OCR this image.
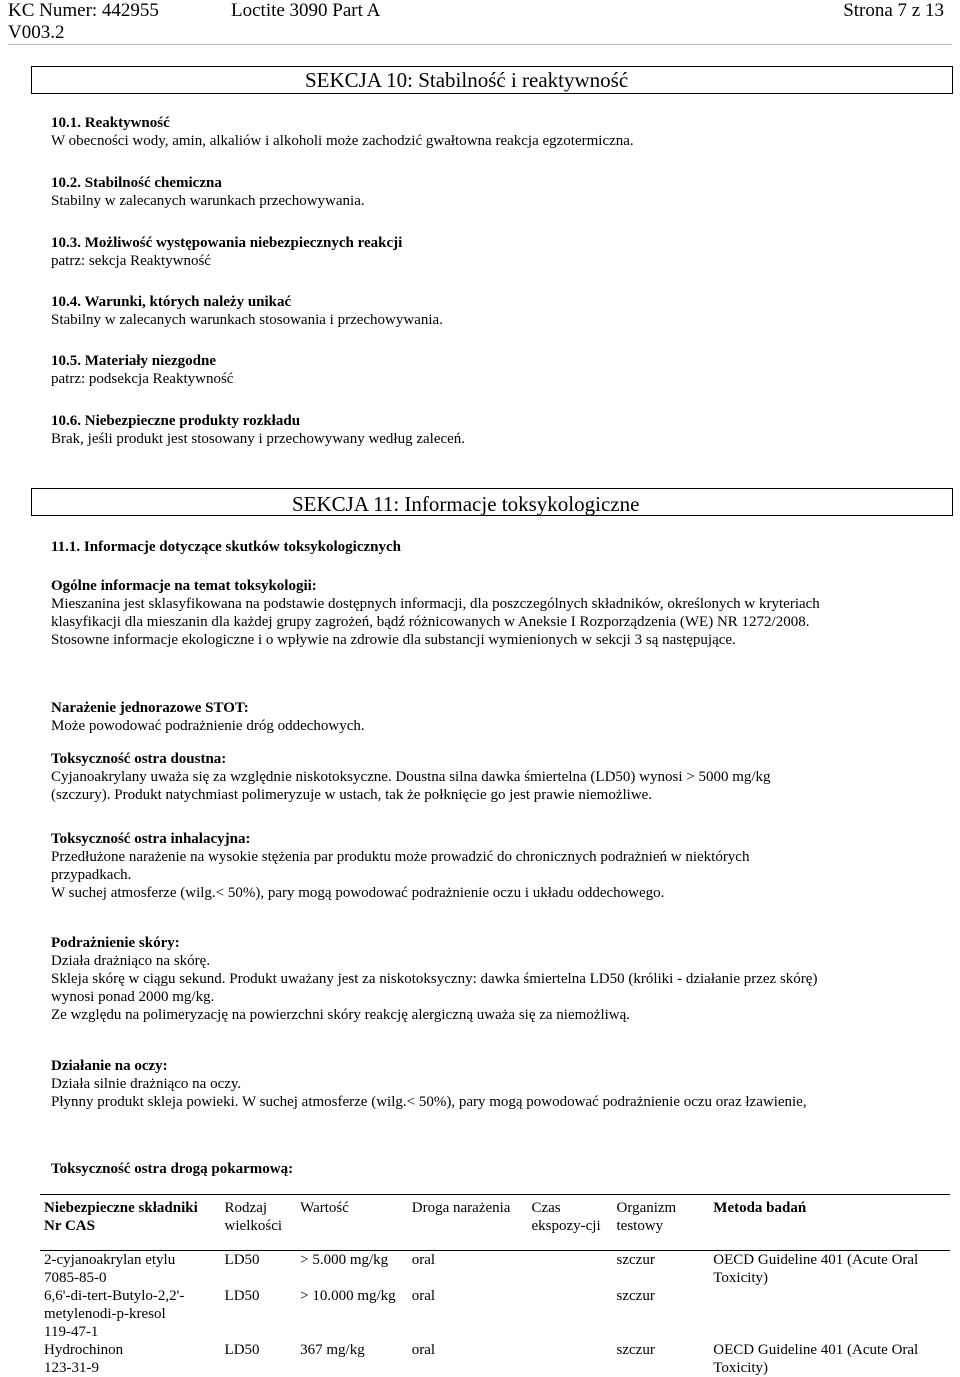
KC Numer: 442955
V003.2
Loctite 3090 Part A	Strona 7 z 13
SEKCJA 10: Stabilność i reaktywność

10.1. Reaktywność

W obecności wody, amin, alkaliów i alkoholi może zachodzić gwałtowna reakcja egzotermiczna.

10.2. Stabilność chemiczna

Stabilny w zalecanych warunkach przechowywania.

10.3. Możliwość występowania niebezpiecznych reakcji

patrz: sekcja Reaktywność

10.4. Warunki, których należy unikać

Stabilny w zalecanych warunkach stosowania i przechowywania.

10.5. Materiały niezgodne

patrz: podsekcja Reaktywność

10.6. Niebezpieczne produkty rozkładu

Brak, jeśli produkt jest stosowany i przechowywany według zaleceń.

SEKCJA 11: Informacje toksykologiczne

11.1. Informacje dotyczące skutków toksykologicznych

Ogólne informacje na temat toksykologii:

Mieszanina jest sklasyfikowana na podstawie dostępnych informacji, dla poszczególnych składników, określonych w kryteriach

klasyfikacji dla mieszanin dla każdej grupy zagrożeń, bądź różnicowanych w Aneksie I Rozporządzenia (WE) NR 1272/2008.

Stosowne informacje ekologiczne i o wpływie na zdrowie dla substancji wymienionych w sekcji 3 są następujące.

Narażenie jednorazowe STOT:

Może powodować podrażnienie dróg oddechowych.

Toksyczność ostra doustna:

Cyjanoakrylany uważa się za względnie niskotoksyczne. Doustna silna dawka śmiertelna (LD50) wynosi > 5000 mg/kg

(szczury). Produkt natychmiast polimeryzuje w ustach, tak że połknięcie go jest prawie niemożliwe.

Toksyczność ostra inhalacyjna:

Przedłużone narażenie na wysokie stężenia par produktu może prowadzić do chronicznych podrażnień w niektórych

przypadkach.

W suchej atmosferze (wilg.< 50%), pary mogą powodować podrażnienie oczu i układu oddechowego.

Podrażnienie skóry:

Działa drażniąco na skórę.

Skleja skórę w ciągu sekund. Produkt uważany jest za niskotoksyczny: dawka śmiertelna LD50 (króliki - działanie przez skórę)

wynosi ponad 2000 mg/kg.

Ze względu na polimeryzację na powierzchni skóry reakcję alergiczną uważa się za niemożliwą.

Działanie na oczy:

Działa silnie drażniąco na oczy.

Płynny produkt skleja powieki. W suchej atmosferze (wilg.< 50%), pary mogą powodować podrażnienie oczu oraz łzawienie,

Toksyczność ostra drogą pokarmową:

Niebezpieczne składniki Nr CAS	Rodzaj wielkości	Wartość	Droga narażenia	Czas ekspozy-cji	Organizm testowy	Metoda badań

2-cyjanoakrylan etylu
7085-85-0	LD50	> 5.000 mg/kg	oral		szczur	OECD Guideline 401 (Acute Oral Toxicity)

6,6'-di-tert-Butylo-2,2'-metylenodi-p-kresol
119-47-1	LD50	> 10.000 mg/kg	oral		szczur	

Hydrochinon
123-31-9	LD50	367 mg/kg	oral		szczur	OECD Guideline 401 (Acute Oral Toxicity)
